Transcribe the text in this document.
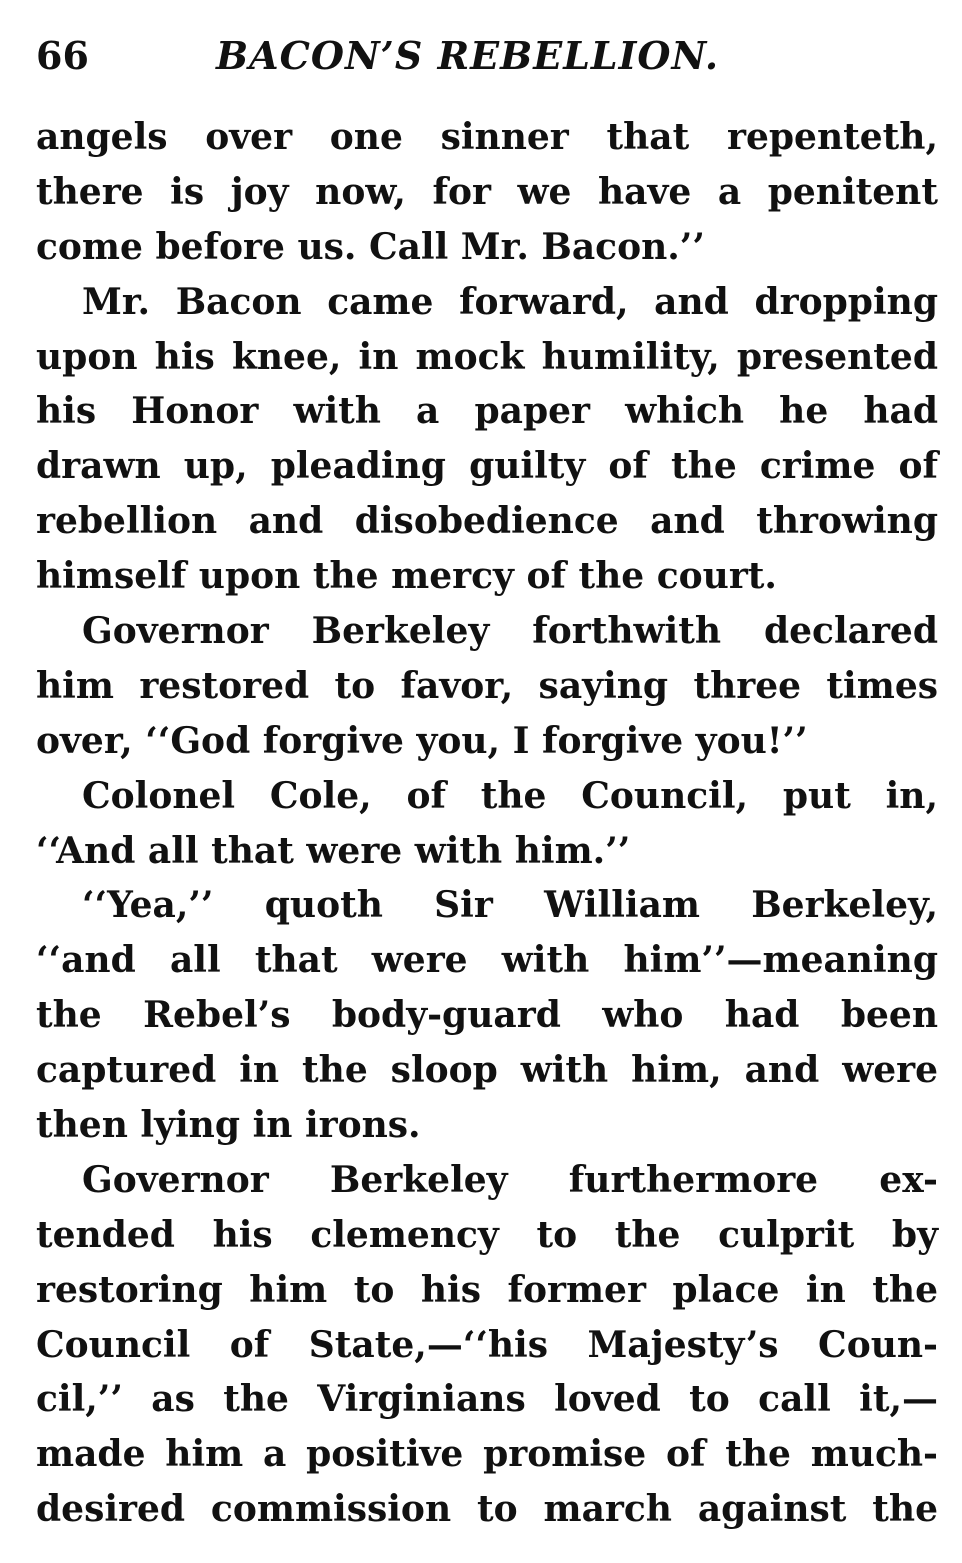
66	BACON’S REBELLION.
angels over one sinner that repenteth,
there is joy now, for we have a penitent
come before us. Call Mr. Bacon.’’
Mr. Bacon came forward, and dropping
upon his knee, in mock humility, presented
his Honor with a paper which he had
drawn up, pleading guilty of the crime of
rebellion and disobedience and throwing
himself upon the mercy of the court.
Governor Berkeley forthwith declared
him restored to favor, saying three times
over, ‘‘God forgive you, I forgive you!’’
Colonel Cole, of the Council, put in,
‘‘And all that were with him.’’
‘‘Yea,’’ quoth Sir William Berkeley,
‘‘and all that were with him’’—meaning
the Rebel’s body-guard who had been
captured in the sloop with him, and were
then lying in irons.
Governor Berkeley furthermore ex-
tended his clemency to the culprit by
restoring him to his former place in the
Council of State,—‘‘his Majesty’s Coun-
cil,’’ as the Virginians loved to call it,—
made him a positive promise of the much-
desired commission to march against the
